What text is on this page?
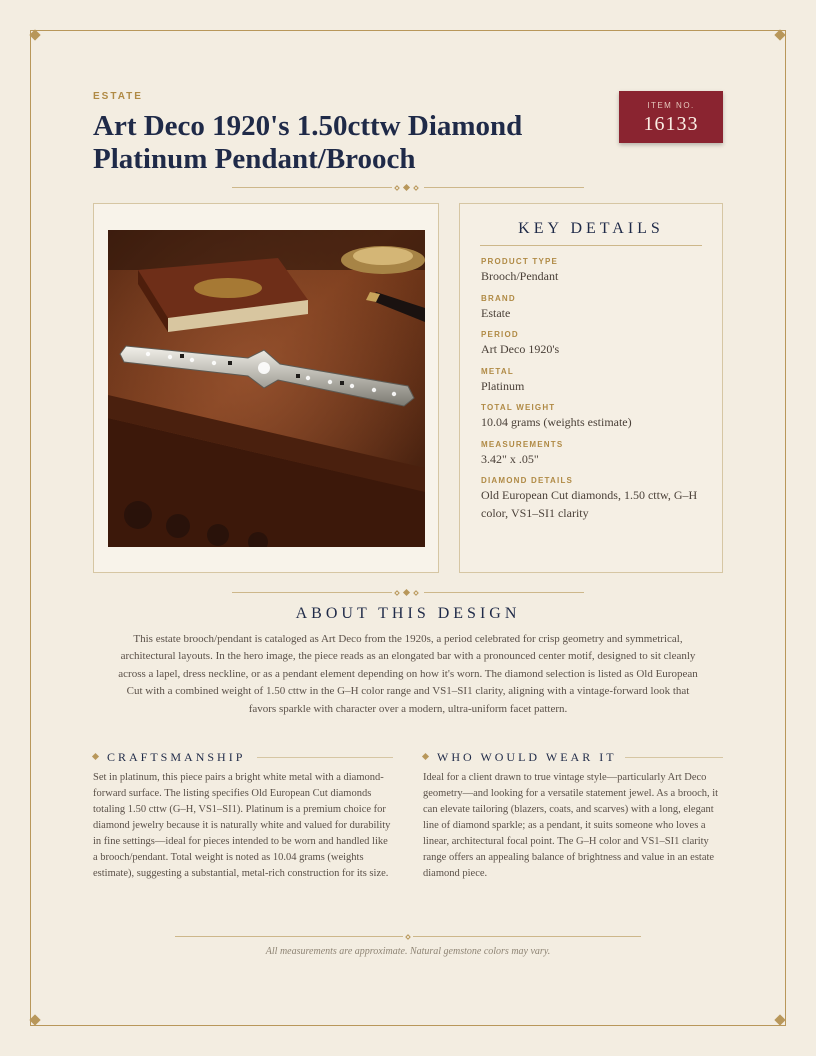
ESTATE
Art Deco 1920's 1.50cttw Diamond Platinum Pendant/Brooch
ITEM NO.
16133
KEY DETAILS
PRODUCT TYPE
Brooch/Pendant
BRAND
Estate
PERIOD
Art Deco 1920's
METAL
Platinum
TOTAL WEIGHT
10.04 grams (weights estimate)
MEASUREMENTS
3.42" x .05"
DIAMOND DETAILS
Old European Cut diamonds, 1.50 cttw, G–H color, VS1–SI1 clarity
ABOUT THIS DESIGN

This estate brooch/pendant is cataloged as Art Deco from the 1920s, a period celebrated for crisp geometry and symmetrical, architectural layouts. In the hero image, the piece reads as an elongated bar with a pronounced center motif, designed to sit cleanly across a lapel, dress neckline, or as a pendant element depending on how it's worn. The diamond selection is listed as Old European Cut with a combined weight of 1.50 cttw in the G–H color range and VS1–SI1 clarity, aligning with a vintage-forward look that favors sparkle with character over a modern, ultra-uniform facet pattern.

CRAFTSMANSHIP

Set in platinum, this piece pairs a bright white metal with a diamond-forward surface. The listing specifies Old European Cut diamonds totaling 1.50 cttw (G–H, VS1–SI1). Platinum is a premium choice for diamond jewelry because it is naturally white and valued for durability in fine settings—ideal for pieces intended to be worn and handled like a brooch/pendant. Total weight is noted as 10.04 grams (weights estimate), suggesting a substantial, metal-rich construction for its size.

WHO WOULD WEAR IT

Ideal for a client drawn to true vintage style—particularly Art Deco geometry—and looking for a versatile statement jewel. As a brooch, it can elevate tailoring (blazers, coats, and scarves) with a long, elegant line of diamond sparkle; as a pendant, it suits someone who loves a linear, architectural focal point. The G–H color and VS1–SI1 clarity range offers an appealing balance of brightness and value in an estate diamond piece.

All measurements are approximate. Natural gemstone colors may vary.
